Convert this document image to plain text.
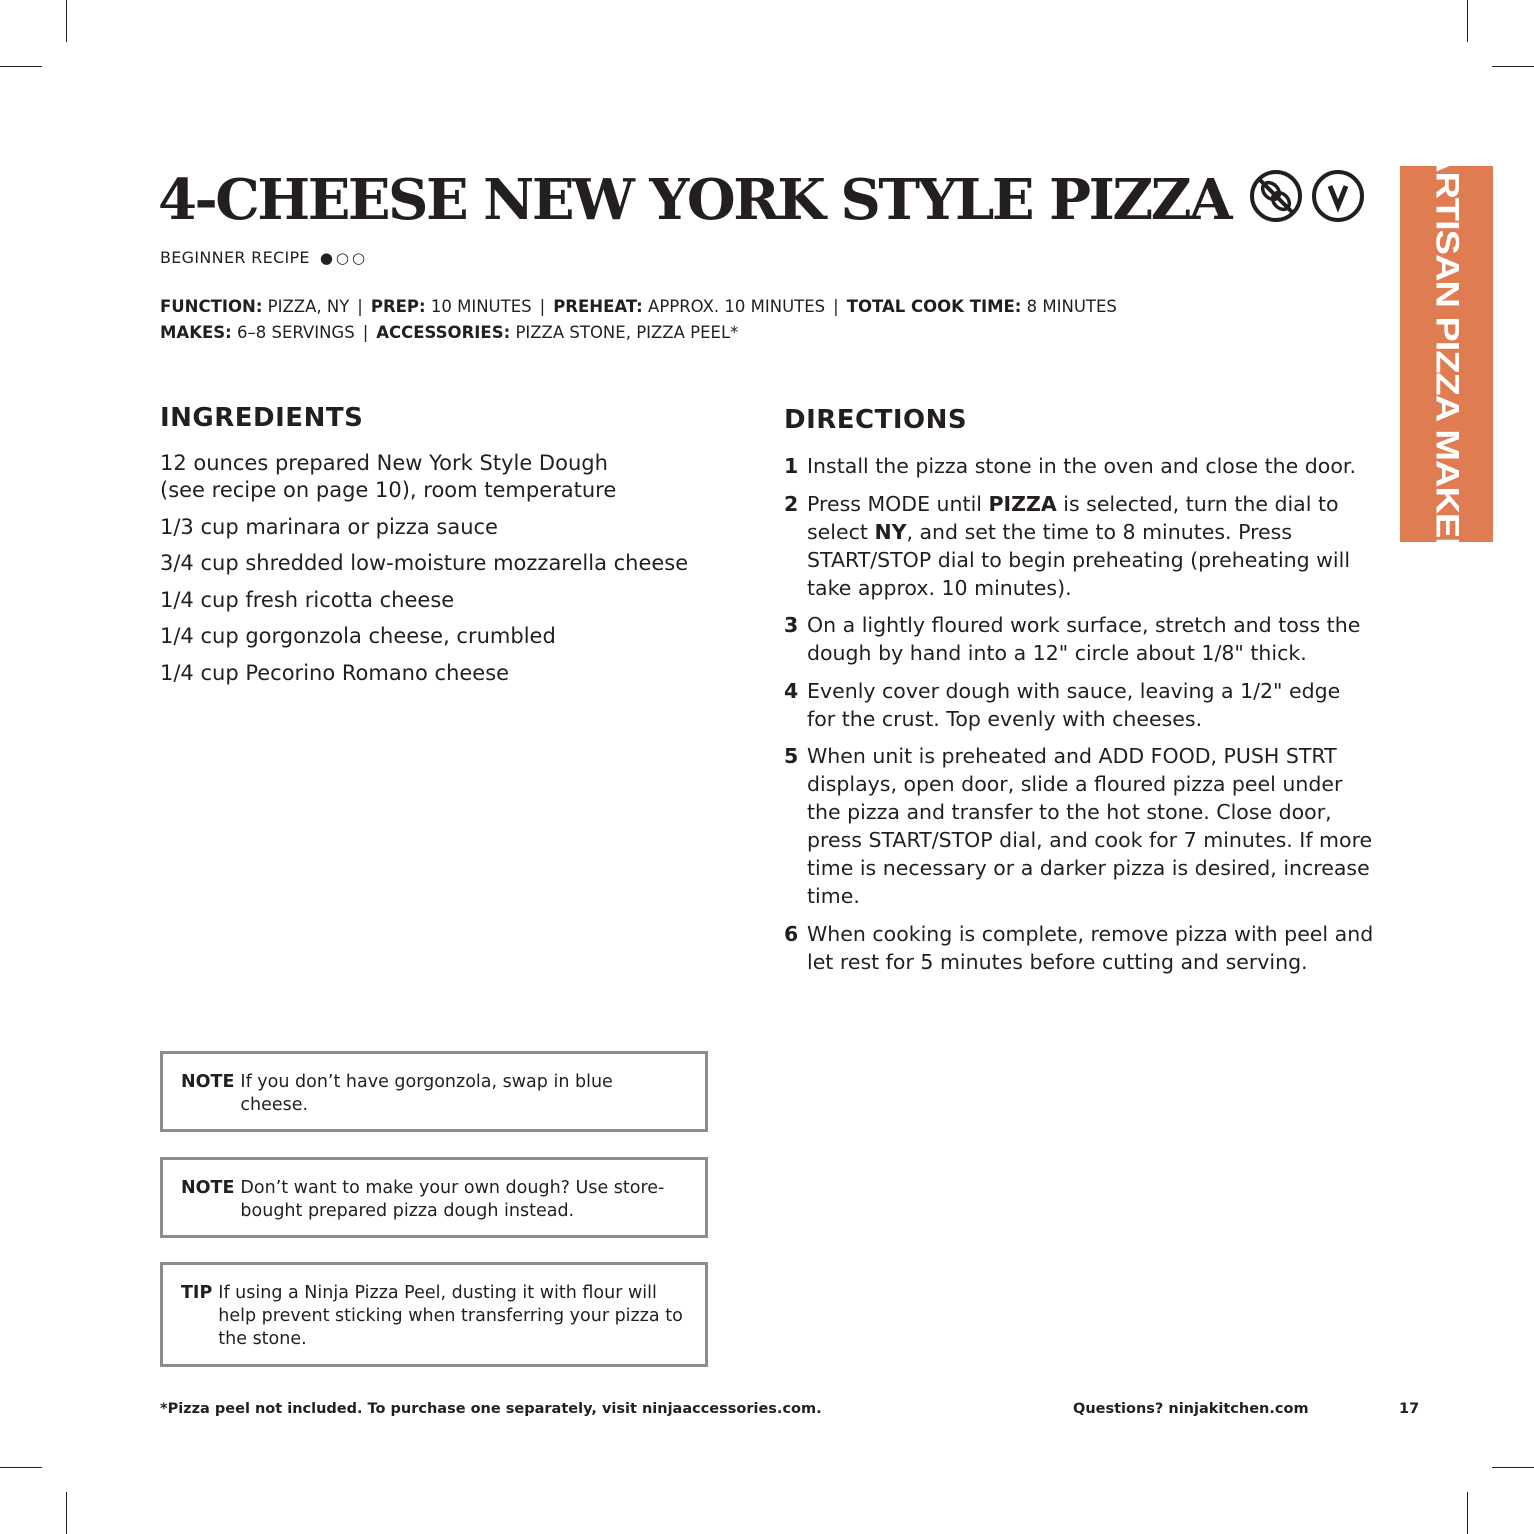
4-CHEESE NEW YORK STYLE PIZZA
BEGINNER RECIPE ●○○
FUNCTION: PIZZA, NY | PREP: 10 MINUTES | PREHEAT: APPROX. 10 MINUTES | TOTAL COOK TIME: 8 MINUTES
MAKES: 6–8 SERVINGS | ACCESSORIES: PIZZA STONE, PIZZA PEEL*	ARTISAN PIZZA MAKER
INGREDIENTS
12 ounces prepared New York Style Dough
(see recipe on page 10), room temperature
1/3 cup marinara or pizza sauce
3/4 cup shredded low-moisture mozzarella cheese
1/4 cup fresh ricotta cheese
1/4 cup gorgonzola cheese, crumbled
1/4 cup Pecorino Romano cheese
DIRECTIONS
1 Install the pizza stone in the oven and close the door.
2 Press MODE until PIZZA is selected, turn the dial to select NY, and set the time to 8 minutes. Press START/STOP dial to begin preheating (preheating will take approx. 10 minutes).
3 On a lightly floured work surface, stretch and toss the dough by hand into a 12" circle about 1/8" thick.
4 Evenly cover dough with sauce, leaving a 1/2" edge for the crust. Top evenly with cheeses.
5 When unit is preheated and ADD FOOD, PUSH STRT displays, open door, slide a floured pizza peel under the pizza and transfer to the hot stone. Close door, press START/STOP dial, and cook for 7 minutes. If more time is necessary or a darker pizza is desired, increase time.
6 When cooking is complete, remove pizza with peel and let rest for 5 minutes before cutting and serving.
NOTE If you don’t have gorgonzola, swap in blue cheese.
NOTE Don’t want to make your own dough? Use store-bought prepared pizza dough instead.
TIP If using a Ninja Pizza Peel, dusting it with flour will help prevent sticking when transferring your pizza to the stone.
*Pizza peel not included. To purchase one separately, visit ninjaaccessories.com.	Questions? ninjakitchen.com	17
